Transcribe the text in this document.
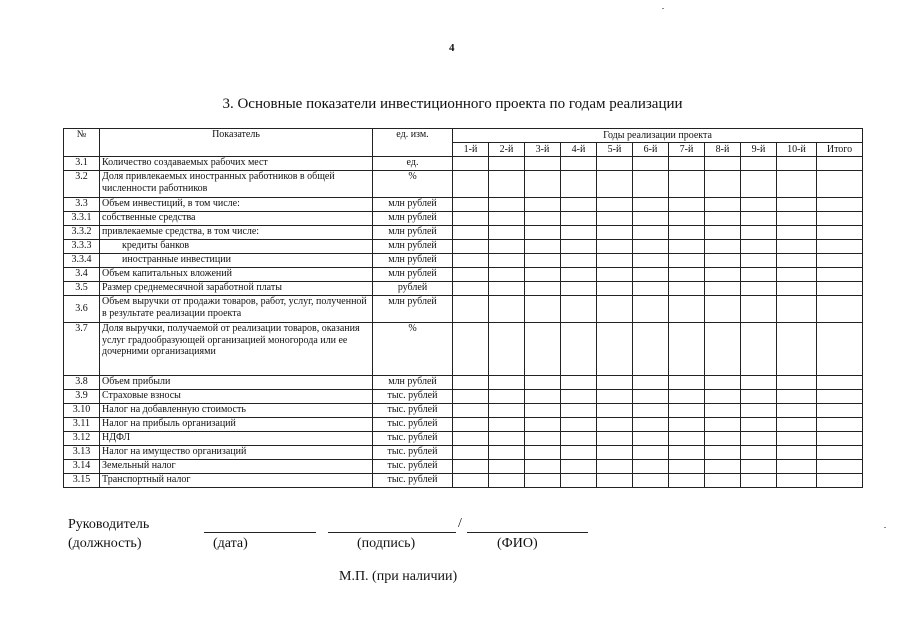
4
3. Основные показатели инвестиционного проекта по годам реализации
№	Показатель	ед. изм.	Годы реализации проекта										
			1-й	2-й	3-й	4-й	5-й	6-й	7-й	8-й	9-й	10-й	Итого
3.1	Количество создаваемых рабочих мест	ед.											
3.2	Доля привлекаемых иностранных работников в общей численности работников	%											
3.3	Объем инвестиций, в том числе:	млн рублей											
3.3.1	собственные средства	млн рублей											
3.3.2	привлекаемые средства, в том числе:	млн рублей											
3.3.3	кредиты банков	млн рублей											
3.3.4	иностранные инвестиции	млн рублей											
3.4	Объем капитальных вложений	млн рублей											
3.5	Размер среднемесячной заработной платы	рублей											
3.6	Объем выручки от продажи товаров, работ, услуг, полученной в результате реализации проекта	млн рублей											
3.7	Доля выручки, получаемой от реализации товаров, оказания услуг градообразующей организацией моногорода или ее дочерними организациями	%											
3.8	Объем прибыли	млн рублей											
3.9	Страховые взносы	тыс. рублей											
3.10	Налог на добавленную стоимость	тыс. рублей											
3.11	Налог на прибыль организаций	тыс. рублей											
3.12	НДФЛ	тыс. рублей											
3.13	Налог на имущество организаций	тыс. рублей											
3.14	Земельный налог	тыс. рублей											
3.15	Транспортный налог	тыс. рублей											
Руководитель
(должность)	(дата)
/
(подпись)	(ФИО)
М.П. (при наличии)
